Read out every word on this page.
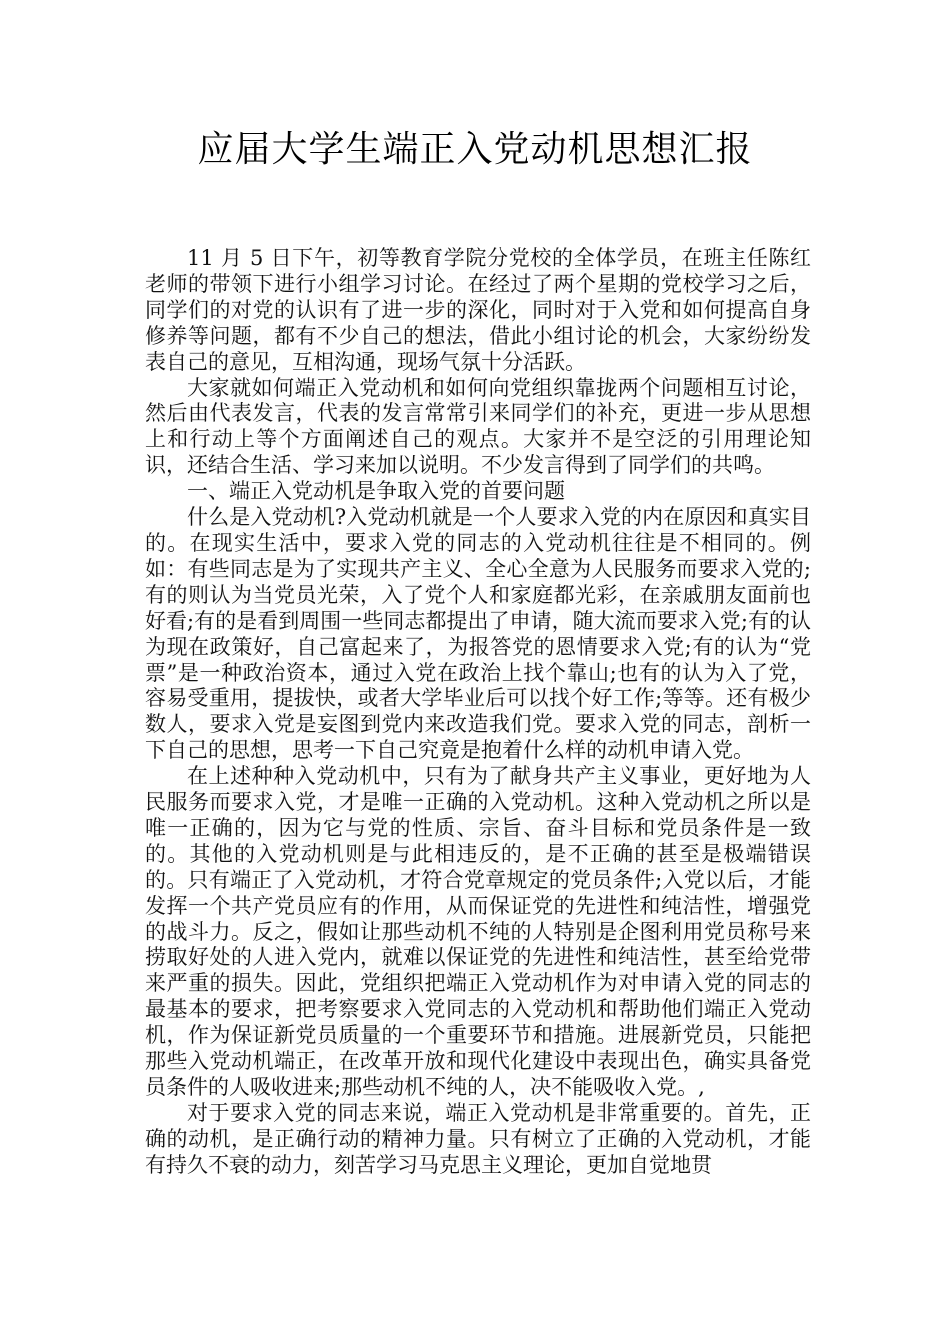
应届大学生端正入党动机思想汇报

11 月 5 日下午，初等教育学院分党校的全体学员，在班主任陈红老师的带领下进行小组学习讨论。在经过了两个星期的党校学习之后，同学们的对党的认识有了进一步的深化，同时对于入党和如何提高自身修养等问题，都有不少自己的想法，借此小组讨论的机会，大家纷纷发表自己的意见，互相沟通，现场气氛十分活跃。

大家就如何端正入党动机和如何向党组织靠拢两个问题相互讨论，然后由代表发言，代表的发言常常引来同学们的补充，更进一步从思想上和行动上等个方面阐述自己的观点。大家并不是空泛的引用理论知识，还结合生活、学习来加以说明。不少发言得到了同学们的共鸣。

一、端正入党动机是争取入党的首要问题

什么是入党动机?入党动机就是一个人要求入党的内在原因和真实目的。在现实生活中，要求入党的同志的入党动机往往是不相同的。例如：有些同志是为了实现共产主义、全心全意为人民服务而要求入党的;有的则认为当党员光荣，入了党个人和家庭都光彩，在亲戚朋友面前也好看;有的是看到周围一些同志都提出了申请，随大流而要求入党;有的认为现在政策好，自己富起来了，为报答党的恩情要求入党;有的认为“党票”是一种政治资本，通过入党在政治上找个靠山;也有的认为入了党，容易受重用，提拔快，或者大学毕业后可以找个好工作;等等。还有极少数人，要求入党是妄图到党内来改造我们党。要求入党的同志，剖析一下自己的思想，思考一下自己究竟是抱着什么样的动机申请入党。

在上述种种入党动机中，只有为了献身共产主义事业，更好地为人民服务而要求入党，才是唯一正确的入党动机。这种入党动机之所以是唯一正确的，因为它与党的性质、宗旨、奋斗目标和党员条件是一致的。其他的入党动机则是与此相违反的，是不正确的甚至是极端错误的。只有端正了入党动机，才符合党章规定的党员条件;入党以后，才能发挥一个共产党员应有的作用，从而保证党的先进性和纯洁性，增强党的战斗力。反之，假如让那些动机不纯的人特别是企图利用党员称号来捞取好处的人进入党内，就难以保证党的先进性和纯洁性，甚至给党带来严重的损失。因此，党组织把端正入党动机作为对申请入党的同志的最基本的要求，把考察要求入党同志的入党动机和帮助他们端正入党动机，作为保证新党员质量的一个重要环节和措施。进展新党员，只能把那些入党动机端正，在改革开放和现代化建设中表现出色，确实具备党员条件的人吸收进来;那些动机不纯的人，决不能吸收入党。,

对于要求入党的同志来说，端正入党动机是非常重要的。首先，正确的动机，是正确行动的精神力量。只有树立了正确的入党动机，才能有持久不衰的动力，刻苦学习马克思主义理论，更加自觉地贯
